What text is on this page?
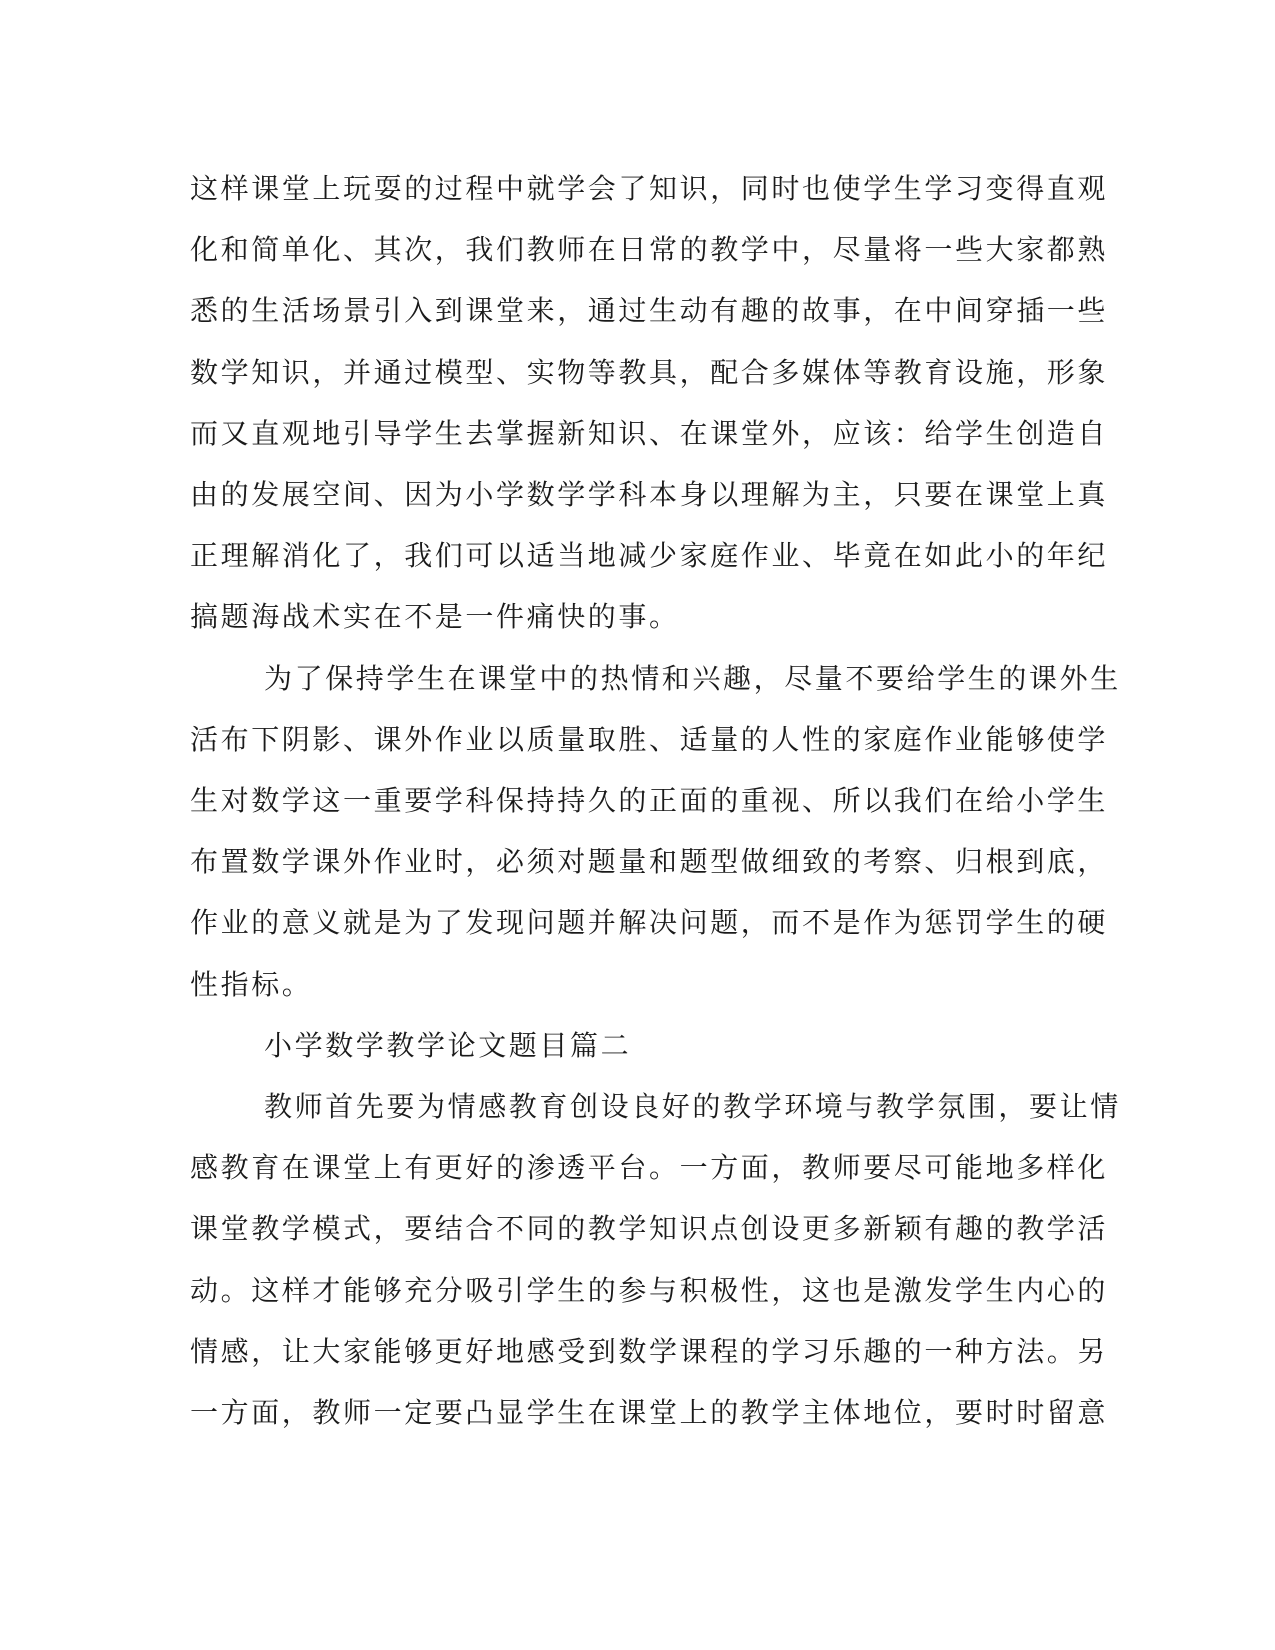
这样课堂上玩耍的过程中就学会了知识，同时也使学生学习变得直观
化和简单化、其次，我们教师在日常的教学中，尽量将一些大家都熟
悉的生活场景引入到课堂来，通过生动有趣的故事，在中间穿插一些
数学知识，并通过模型、实物等教具，配合多媒体等教育设施，形象
而又直观地引导学生去掌握新知识、在课堂外，应该：给学生创造自
由的发展空间、因为小学数学学科本身以理解为主，只要在课堂上真
正理解消化了，我们可以适当地减少家庭作业、毕竟在如此小的年纪
搞题海战术实在不是一件痛快的事。

为了保持学生在课堂中的热情和兴趣，尽量不要给学生的课外生
活布下阴影、课外作业以质量取胜、适量的人性的家庭作业能够使学
生对数学这一重要学科保持持久的正面的重视、所以我们在给小学生
布置数学课外作业时，必须对题量和题型做细致的考察、归根到底，
作业的意义就是为了发现问题并解决问题，而不是作为惩罚学生的硬
性指标。

小学数学教学论文题目篇二

教师首先要为情感教育创设良好的教学环境与教学氛围，要让情
感教育在课堂上有更好的渗透平台。一方面，教师要尽可能地多样化
课堂教学模式，要结合不同的教学知识点创设更多新颖有趣的教学活
动。这样才能够充分吸引学生的参与积极性，这也是激发学生内心的
情感，让大家能够更好地感受到数学课程的学习乐趣的一种方法。另
一方面，教师一定要凸显学生在课堂上的教学主体地位，要时时留意
